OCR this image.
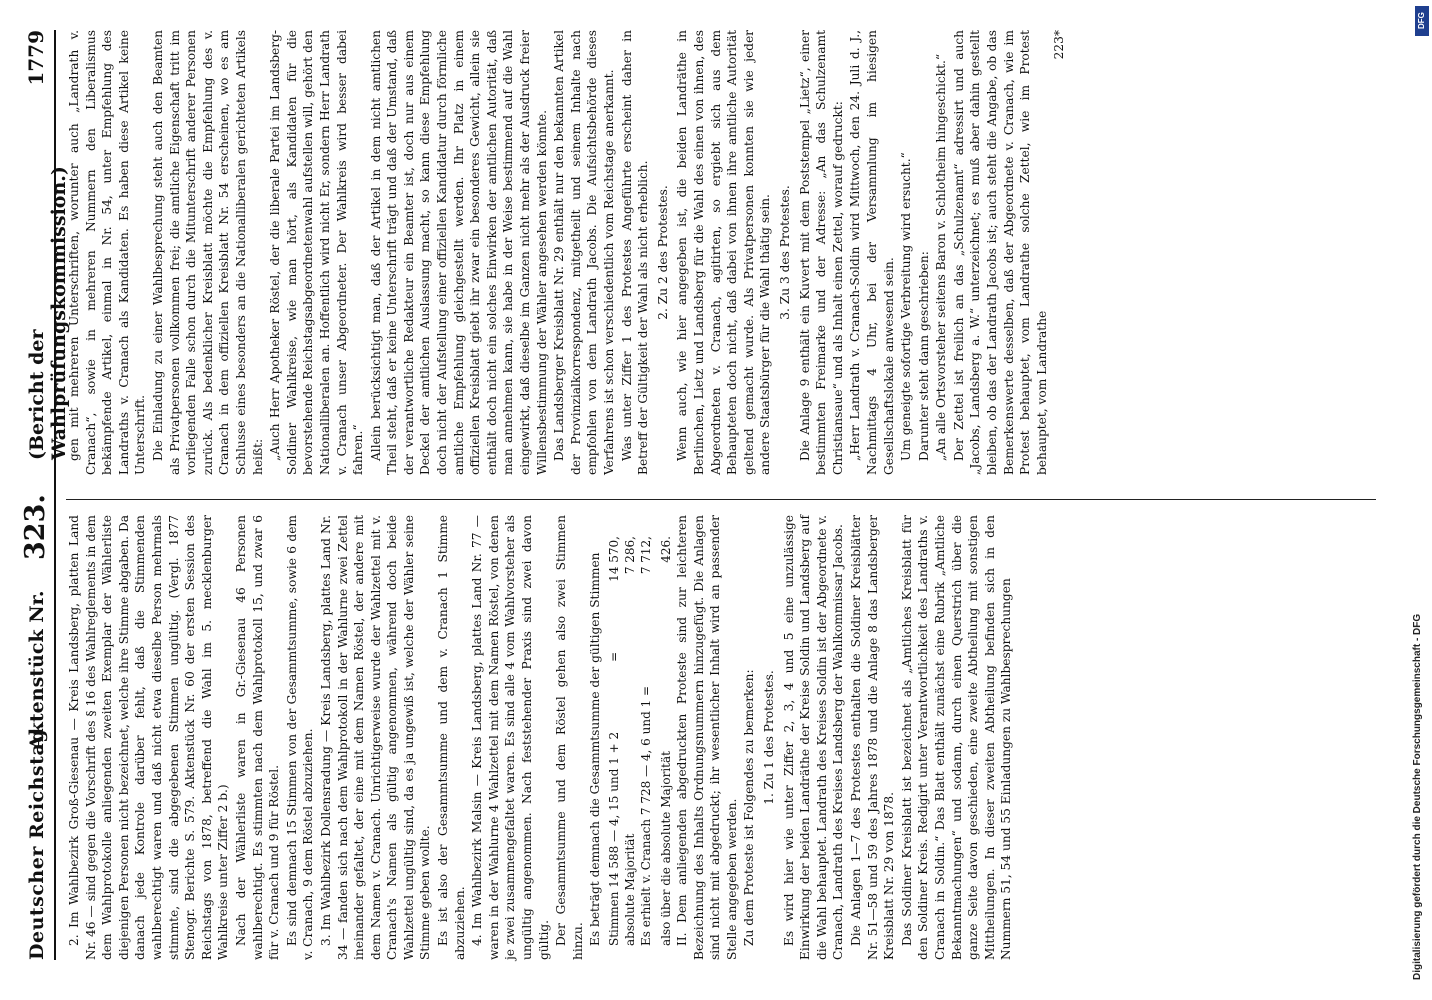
Deutscher Reichstag.
Aktenstück Nr.
323.
(Bericht der Wahlprüfungskommission.)
1779

2. Im Wahlbezirk Groß-Giesenau — Kreis Landsberg, platten Land Nr. 46 — sind gegen die Vorschrift des § 16 des Wahlreglements in dem dem Wahlprotokolle anliegenden zweiten Exemplar der Wählerliste diejenigen Personen nicht bezeichnet, welche ihre Stimme abgaben. Da danach jede Kontrole darüber fehlt, daß die Stimmenden wahlberechtigt waren und daß nicht etwa dieselbe Person mehrmals stimmte, sind die abgegebenen Stimmen ungültig. (Vergl. 1877 Stenogr. Berichte S. 579. Aktenstück Nr. 60 der ersten Session des Reichstags von 1878, betreffend die Wahl im 5. mecklenburger Wahlkreise unter Ziffer 2 b.) Nach der Wählerliste waren in Gr.-Giesenau 46 Personen wahlberechtigt. Es stimmten nach dem Wahlprotokoll 15, und zwar 6 für v. Cranach und 9 für Röstel. Es sind demnach 15 Stimmen von der Gesammtsumme, sowie 6 dem v. Cranach, 9 dem Röstel abzuziehen. 3. Im Wahlbezirk Dollensradung — Kreis Landsberg, plattes Land Nr. 34 — fanden sich nach dem Wahlprotokoll in der Wahlurne zwei Zettel ineinander gefaltet, der eine mit dem Namen Röstel, der andere mit dem Namen v. Cranach. Unrichtigerweise wurde der Wahlzettel mit v. Cranach's Namen als gültig angenommen, während doch beide Wahlzettel ungültig sind, da es ja ungewiß ist, welche der Wähler seine Stimme geben wollte. Es ist also der Gesammtsumme und dem v. Cranach 1 Stimme abzuziehen. 4. Im Wahlbezirk Malsin — Kreis Landsberg, plattes Land Nr. 77 — waren in der Wahlurne 4 Wahlzettel mit dem Namen Röstel, von denen je zwei zusammengefaltet waren. Es sind alle 4 vom Wahlvorsteher als ungültig angenommen. Nach feststehender Praxis sind zwei davon gültig. Der Gesammtsumme und dem Röstel gehen also zwei Stimmen hinzu. Es beträgt demnach die Gesammtsumme der gültigen Stimmen Stimmen 14 588 — 4, 15 und 1 + 2
=
14 570,
absolute Majorität
7 286,
Es erhielt v. Cranach 7 728 — 4, 6 und 1 =
7 712,
also über die absolute Majorität
426. II. Dem anliegenden abgedruckten Proteste sind zur leichteren Bezeichnung des Inhalts Ordnungsnummern hinzugefügt. Die Anlagen sind nicht mit abgedruckt; ihr wesentlicher Inhalt wird an passender Stelle angegeben werden. Zu dem Proteste ist Folgendes zu bemerken: 1. Zu 1 des Protestes. Es wird hier wie unter Ziffer 2, 3, 4 und 5 eine unzulässige Einwirkung der beiden Landräthe der Kreise Soldin und Landsberg auf die Wahl behauptet. Landrath des Kreises Soldin ist der Abgeordnete v. Cranach, Landrath des Kreises Landsberg der Wahlkommissar Jacobs. Die Anlagen 1—7 des Protestes enthalten die Soldiner Kreisblätter Nr. 51—58 und 59 des Jahres 1878 und die Anlage 8 das Landsberger Kreisblatt Nr. 29 von 1878. Das Soldiner Kreisblatt ist bezeichnet als „Amtliches Kreisblatt für den Soldiner Kreis. Redigirt unter Verantwortlichkeit des Landraths v. Cranach in Soldin.“ Das Blatt enthält zunächst eine Rubrik „Amtliche Bekanntmachungen“ und sodann, durch einen Querstrich über die ganze Seite davon geschieden, eine zweite Abtheilung mit sonstigen Mittheilungen. In dieser zweiten Abtheilung befinden sich in den Nummern 51, 54 und 55 Einladungen zu Wahlbesprechungen

gen mit mehreren Unterschriften, worunter auch „Landrath v. Cranach“, sowie in mehreren Nummern den Liberalismus bekämpfende Artikel, einmal in Nr. 54, unter Empfehlung des Landraths v. Cranach als Kandidaten. Es haben diese Artikel keine Unterschrift. Die Einladung zu einer Wahlbesprechung steht auch den Beamten als Privatpersonen vollkommen frei; die amtliche Eigenschaft tritt im vorliegenden Falle schon durch die Mitunterschrift anderer Personen zurück. Als bedenklicher Kreisblatt möchte die Empfehlung des v. Cranach in dem offiziellen Kreisblatt Nr. 54 erscheinen, wo es am Schlusse eines besonders an die Nationalliberalen gerichteten Artikels heißt: „Auch Herr Apotheker Röstel, der die liberale Partei im Landsberg-Soldiner Wahlkreise, wie man hört, als Kandidaten für die bevorstehende Reichstagsabgeordnetenwahl aufstellen will, gehört den Nationalliberalen an. Hoffentlich wird nicht Er, sondern Herr Landrath v. Cranach unser Abgeordneter. Der Wahlkreis wird besser dabei fahren.“ Allein berücksichtigt man, daß der Artikel in dem nicht amtlichen Theil steht, daß er keine Unterschrift trägt und daß der Umstand, daß der verantwortliche Redakteur ein Beamter ist, doch nur aus einem Deckel der amtlichen Auslassung macht, so kann diese Empfehlung doch nicht der Aufstellung einer offiziellen Kandidatur durch förmliche amtliche Empfehlung gleichgestellt werden. Ihr Platz in einem offiziellen Kreisblatt giebt ihr zwar ein besonderes Gewicht, allein sie enthält doch nicht ein solches Einwirken der amtlichen Autorität, daß man annehmen kann, sie habe in der Weise bestimmend auf die Wahl eingewirkt, daß dieselbe im Ganzen nicht mehr als der Ausdruck freier Willensbestimmung der Wähler angesehen werden könnte. Das Landsberger Kreisblatt Nr. 29 enthält nur den bekannten Artikel der Provinzialkorrespondenz, mitgetheilt und seinem Inhalte nach empfohlen von dem Landrath Jacobs. Die Aufsichtsbehörde dieses Verfahrens ist schon verschiedentlich vom Reichstage anerkannt. Was unter Ziffer 1 des Protestes Angeführte erscheint daher in Betreff der Gültigkeit der Wahl als nicht erheblich. 2. Zu 2 des Protestes. Wenn auch, wie hier angegeben ist, die beiden Landräthe in Berlinchen, Lietz und Landsberg für die Wahl des einen von ihnen, des Abgeordneten v. Cranach, agitirten, so ergiebt sich aus dem Behaupteten doch nicht, daß dabei von ihnen ihre amtliche Autorität geltend gemacht wurde. Als Privatpersonen konnten sie wie jeder andere Staatsbürger für die Wahl thätig sein. 3. Zu 3 des Protestes. Die Anlage 9 enthält ein Kuvert mit dem Poststempel „Lietz“, einer bestimmten Freimarke und der Adresse: „An das Schulzenamt Christiansaue“ und als Inhalt einen Zettel, worauf gedruckt: „Herr Landrath v. Cranach-Soldin wird Mittwoch, den 24. Juli d. J., Nachmittags 4 Uhr, bei der Versammlung im hiesigen Gesellschaftslokale anwesend sein. Um geneigte sofortige Verbreitung wird ersucht.“ Darunter steht dann geschrieben: „An alle Ortsvorsteher seitens Baron v. Schlotheim hingeschickt.“ Der Zettel ist freilich an das „Schulzenamt“ adressirt und auch „Jacobs, Landsberg a. W.“ unterzeichnet; es muß aber dahin gestellt bleiben, ob das der Landrath Jacobs ist; auch steht die Angabe, ob das Bemerkenswerte desselben, daß der Abgeordnete v. Cranach, wie im Protest behauptet, vom Landrathe solche Zettel, wie im Protest behauptet, vom Landrathe

223*

Digitalisierung gefördert durch die Deutsche Forschungsgemeinschaft - DFG
DFG
